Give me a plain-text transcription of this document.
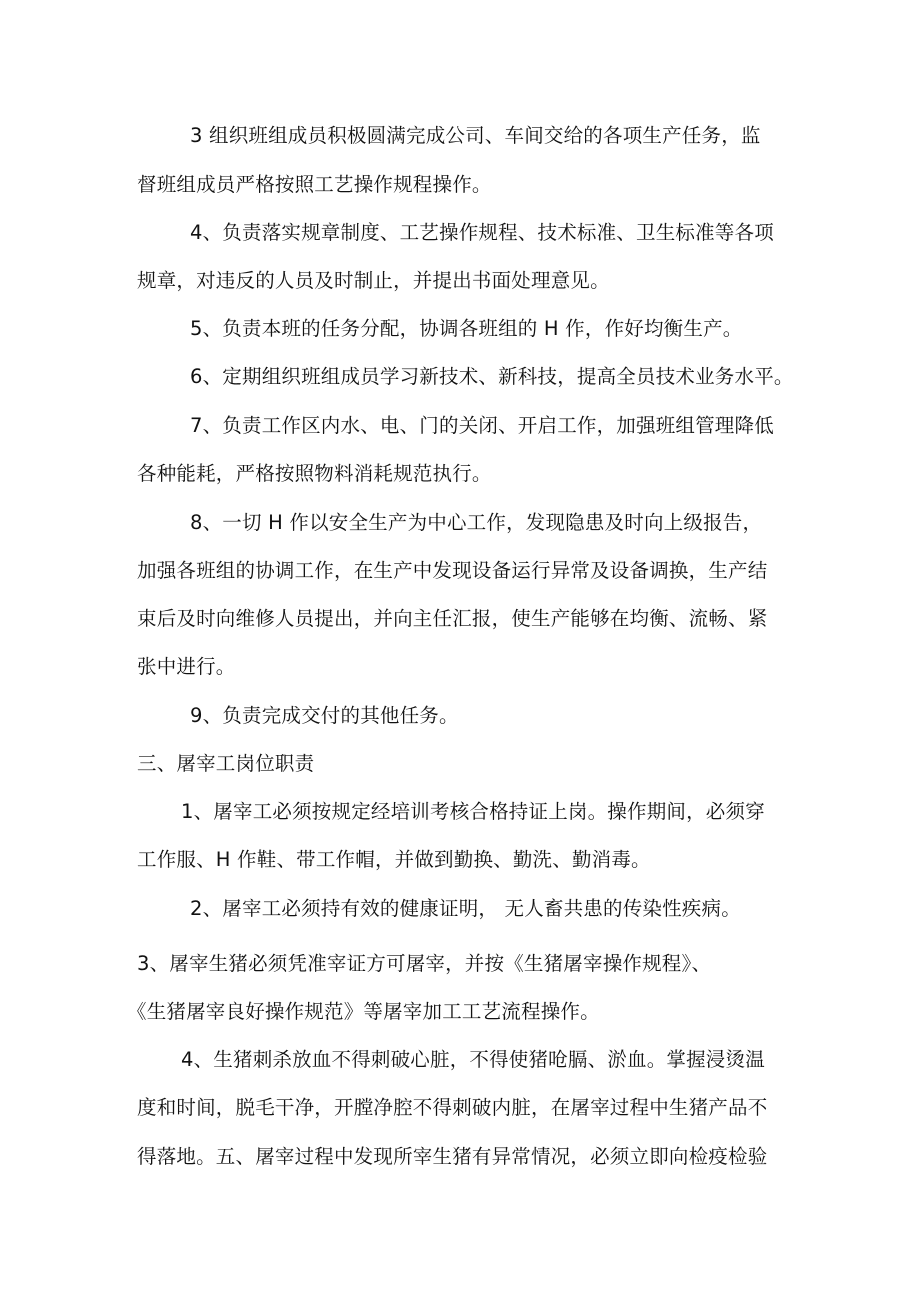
3 组织班组成员积极圆满完成公司、车间交给的各项生产任务，监
督班组成员严格按照工艺操作规程操作。
4、负责落实规章制度、工艺操作规程、技术标准、卫生标准等各项
规章，对违反的人员及时制止，并提出书面处理意见。
5、负责本班的任务分配，协调各班组的 H 作，作好均衡生产。
6、定期组织班组成员学习新技术、新科技，提高全员技术业务水平。
7、负责工作区内水、电、门的关闭、开启工作，加强班组管理降低
各种能耗，严格按照物料消耗规范执行。
8、一切 H 作以安全生产为中心工作，发现隐患及时向上级报告，
加强各班组的协调工作，在生产中发现设备运行异常及设备调换，生产结
束后及时向维修人员提出，并向主任汇报，使生产能够在均衡、流畅、紧
张中进行。
9、负责完成交付的其他任务。
三、屠宰工岗位职责
1、屠宰工必须按规定经培训考核合格持证上岗。操作期间，必须穿
工作服、H 作鞋、带工作帽，并做到勤换、勤洗、勤消毒。
2、屠宰工必须持有效的健康证明， 无人畜共患的传染性疾病。
3、屠宰生猪必须凭准宰证方可屠宰，并按《生猪屠宰操作规程》、
《生猪屠宰良好操作规范》等屠宰加工工艺流程操作。
4、生猪刺杀放血不得刺破心脏，不得使猪呛膈、淤血。掌握浸烫温
度和时间，脱毛干净，开膛净腔不得刺破内脏，在屠宰过程中生猪产品不
得落地。五、屠宰过程中发现所宰生猪有异常情况，必须立即向检疫检验
